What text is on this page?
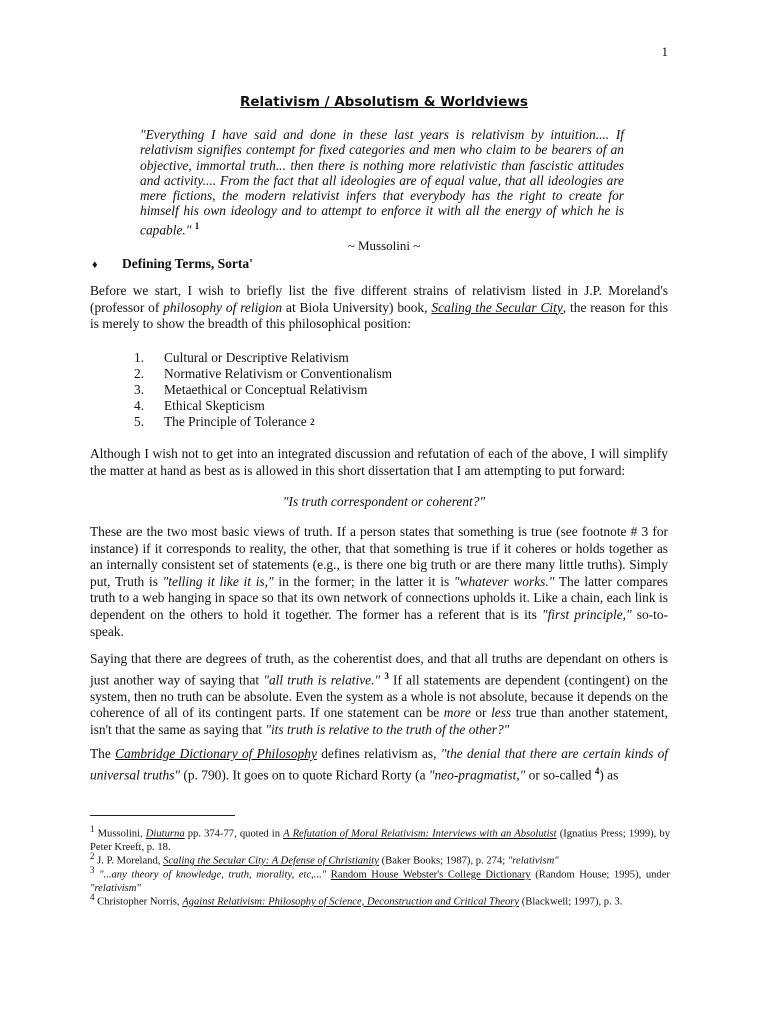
1
Relativism / Absolutism & Worldviews

"Everything I have said and done in these last years is relativism by intuition.... If relativism signifies contempt for fixed categories and men who claim to be bearers of an objective, immortal truth... then there is nothing more relativistic than fascistic attitudes and activity.... From the fact that all ideologies are of equal value, that all ideologies are mere fictions, the modern relativist infers that everybody has the right to create for himself his own ideology and to attempt to enforce it with all the energy of which he is capable." $^1$

~ Mussolini ~
♦ Defining Terms, Sorta'

Before we start, I wish to briefly list the five different strains of relativism listed in J.P. Moreland's (professor of philosophy of religion at Biola University) book, Scaling the Secular City, the reason for this is merely to show the breadth of this philosophical position:

1.	Cultural or Descriptive Relativism
2.	Normative Relativism or Conventionalism
3.	Metaethical or Conceptual Relativism
4.	Ethical Skepticism
5.	The Principle of Tolerance
2

Although I wish not to get into an integrated discussion and refutation of each of the above, I will simplify the matter at hand as best as is allowed in this short dissertation that I am attempting to put forward:

"Is truth correspondent or coherent?"

These are the two most basic views of truth. If a person states that something is true (see footnote # 3 for instance) if it corresponds to reality, the other, that that something is true if it coheres or holds together as an internally consistent set of statements (e.g., is there one big truth or are there many little truths). Simply put, Truth is "telling it like it is," in the former; in the latter it is "whatever works." The latter compares truth to a web hanging in space so that its own network of connections upholds it. Like a chain, each link is dependent on the others to hold it together. The former has a referent that is its "first principle," so-to-speak.

Saying that there are degrees of truth, as the coherentist does, and that all truths are dependant on others is just another way of saying that "all truth is relative." $^3$ If all statements are dependent (contingent) on the system, then no truth can be absolute. Even the system as a whole is not absolute, because it depends on the coherence of all of its contingent parts. If one statement can be more or less true than another statement, isn't that the same as saying that "its truth is relative to the truth of the other?"

The Cambridge Dictionary of Philosophy defines relativism as, "the denial that there are certain kinds of universal truths" (p. 790). It goes on to quote Richard Rorty (a "neo-pragmatist," or so-called $^4$) as

$^1$ Mussolini, Diuturna pp. 374-77, quoted in A Refutation of Moral Relativism: Interviews with an Absolutist (Ignatius Press; 1999), by Peter Kreeft, p. 18.

$^2$ J. P. Moreland, Scaling the Secular City: A Defense of Christianity (Baker Books; 1987), p. 274; "relativism"

$^3$ "...any theory of knowledge, truth, morality, etc,..." Random House Webster's College Dictionary (Random House; 1995), under "relativism"

$^4$ Christopher Norris, Against Relativism: Philosophy of Science, Deconstruction and Critical Theory (Blackwell; 1997), p. 3.
